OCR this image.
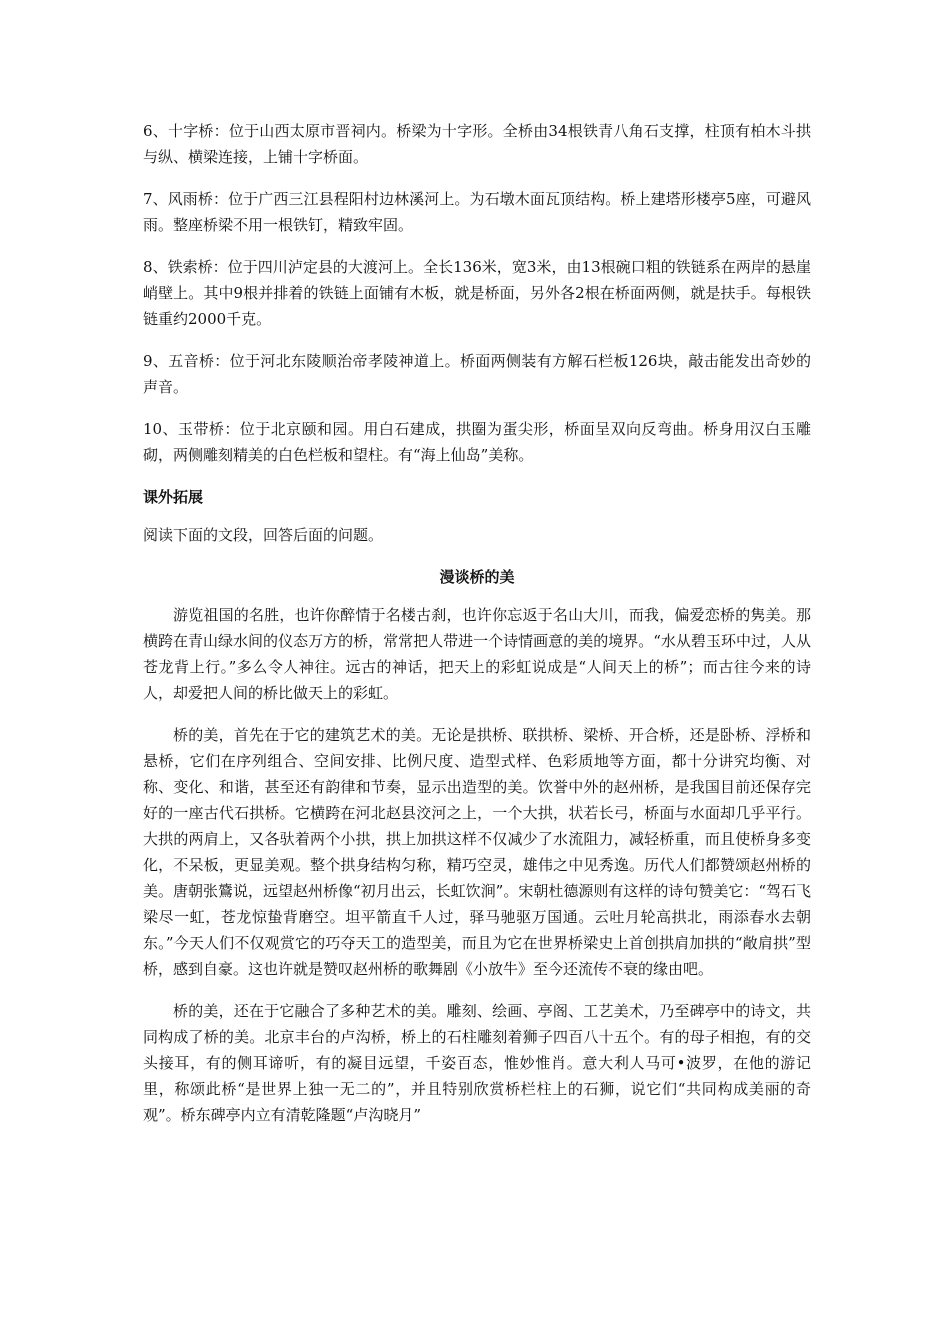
6、十字桥：位于山西太原市晋祠内。桥梁为十字形。全桥由34根铁青八角石支撑，柱顶有柏木斗拱与纵、横梁连接，上铺十字桥面。

7、风雨桥：位于广西三江县程阳村边林溪河上。为石墩木面瓦顶结构。桥上建塔形楼亭5座，可避风雨。整座桥梁不用一根铁钉，精致牢固。

8、铁索桥：位于四川泸定县的大渡河上。全长136米，宽3米，由13根碗口粗的铁链系在两岸的悬崖峭壁上。其中9根并排着的铁链上面铺有木板，就是桥面，另外各2根在桥面两侧，就是扶手。每根铁链重约2000千克。

9、五音桥：位于河北东陵顺治帝孝陵神道上。桥面两侧装有方解石栏板126块，敲击能发出奇妙的声音。

10、玉带桥：位于北京颐和园。用白石建成，拱圈为蛋尖形，桥面呈双向反弯曲。桥身用汉白玉雕砌，两侧雕刻精美的白色栏板和望柱。有“海上仙岛”美称。

课外拓展

阅读下面的文段，回答后面的问题。

漫谈桥的美

游览祖国的名胜，也许你醉情于名楼古刹，也许你忘返于名山大川，而我，偏爱恋桥的隽美。那横跨在青山绿水间的仪态万方的桥，常常把人带进一个诗情画意的美的境界。“水从碧玉环中过，人从苍龙背上行。”多么令人神往。远古的神话，把天上的彩虹说成是“人间天上的桥”；而古往今来的诗人，却爱把人间的桥比做天上的彩虹。

桥的美，首先在于它的建筑艺术的美。无论是拱桥、联拱桥、梁桥、开合桥，还是卧桥、浮桥和悬桥，它们在序列组合、空间安排、比例尺度、造型式样、色彩质地等方面，都十分讲究均衡、对称、变化、和谐，甚至还有韵律和节奏，显示出造型的美。饮誉中外的赵州桥，是我国目前还保存完好的一座古代石拱桥。它横跨在河北赵县洨河之上，一个大拱，状若长弓，桥面与水面却几乎平行。大拱的两肩上，又各驮着两个小拱，拱上加拱这样不仅减少了水流阻力，减轻桥重，而且使桥身多变化，不呆板，更显美观。整个拱身结构匀称，精巧空灵，雄伟之中见秀逸。历代人们都赞颂赵州桥的美。唐朝张鷟说，远望赵州桥像“初月出云，长虹饮涧”。宋朝杜德源则有这样的诗句赞美它：“驾石飞梁尽一虹，苍龙惊蛰背磨空。坦平箭直千人过，驿马驰驱万国通。云吐月轮高拱北，雨添春水去朝东。”今天人们不仅观赏它的巧夺天工的造型美，而且为它在世界桥梁史上首创拱肩加拱的“敞肩拱”型桥，感到自豪。这也许就是赞叹赵州桥的歌舞剧《小放牛》至今还流传不衰的缘由吧。

桥的美，还在于它融合了多种艺术的美。雕刻、绘画、亭阁、工艺美术，乃至碑亭中的诗文，共同构成了桥的美。北京丰台的卢沟桥，桥上的石柱雕刻着狮子四百八十五个。有的母子相抱，有的交头接耳，有的侧耳谛听，有的凝目远望，千姿百态，惟妙惟肖。意大利人马可•波罗，在他的游记里，称颂此桥“是世界上独一无二的”，并且特别欣赏桥栏柱上的石狮，说它们“共同构成美丽的奇观”。桥东碑亭内立有清乾隆题“卢沟晓月”
